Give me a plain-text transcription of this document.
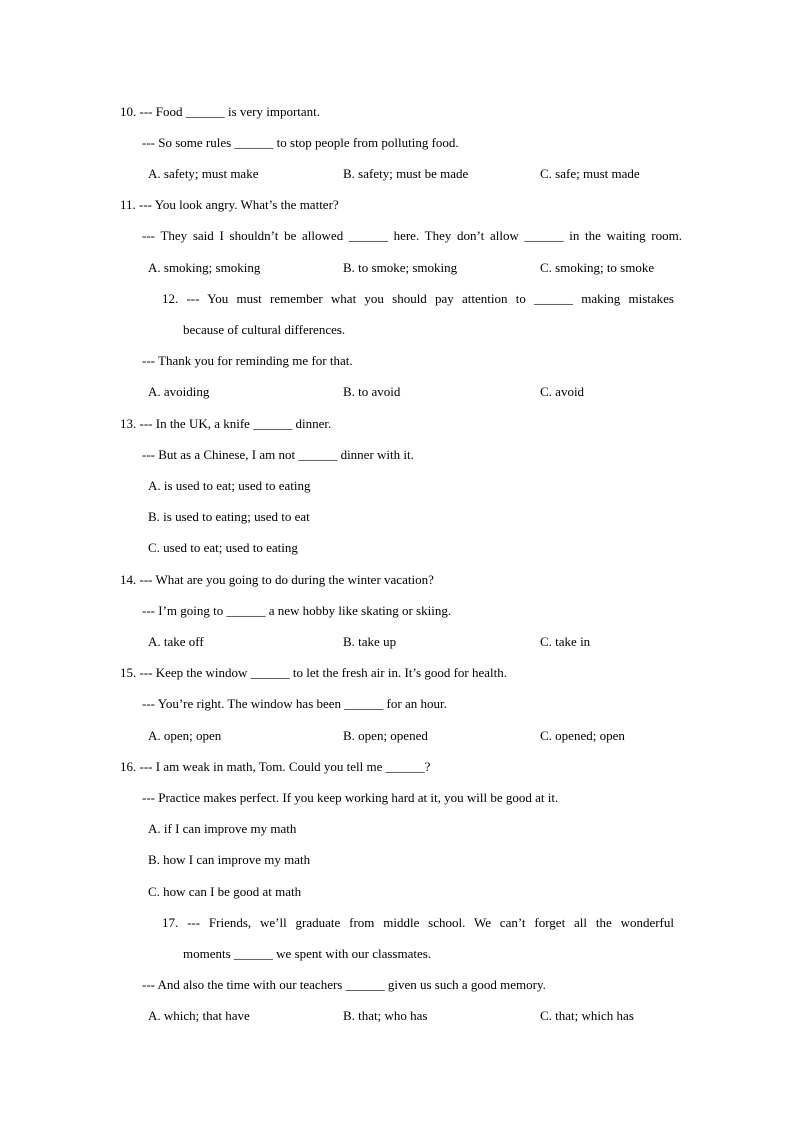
10. --- Food ______ is very important.
--- So some rules ______ to stop people from polluting food.
A. safety; must make	B. safety; must be made	C. safe; must made
11. --- You look angry. What’s the matter?
--- They said I shouldn’t be allowed ______ here. They don’t allow ______ in the waiting room.
A. smoking; smoking	B. to smoke; smoking	C. smoking; to smoke
12. --- You must remember what you should pay attention to ______ making mistakes
because of cultural differences.
--- Thank you for reminding me for that.
A. avoiding	B. to avoid	C. avoid
13. --- In the UK, a knife ______ dinner.
--- But as a Chinese, I am not ______ dinner with it.
A. is used to eat; used to eating
B. is used to eating; used to eat
C. used to eat; used to eating
14. --- What are you going to do during the winter vacation?
--- I’m going to ______ a new hobby like skating or skiing.
A. take off	B. take up	C. take in
15. --- Keep the window ______ to let the fresh air in. It’s good for health.
--- You’re right. The window has been ______ for an hour.
A. open; open	B. open; opened	C. opened; open
16. --- I am weak in math, Tom. Could you tell me ______?
--- Practice makes perfect. If you keep working hard at it, you will be good at it.
A. if I can improve my math
B. how I can improve my math
C. how can I be good at math
17. --- Friends, we’ll graduate from middle school. We can’t forget all the wonderful
moments ______ we spent with our classmates.
--- And also the time with our teachers ______ given us such a good memory.
A. which; that have	B. that; who has	C. that; which has
